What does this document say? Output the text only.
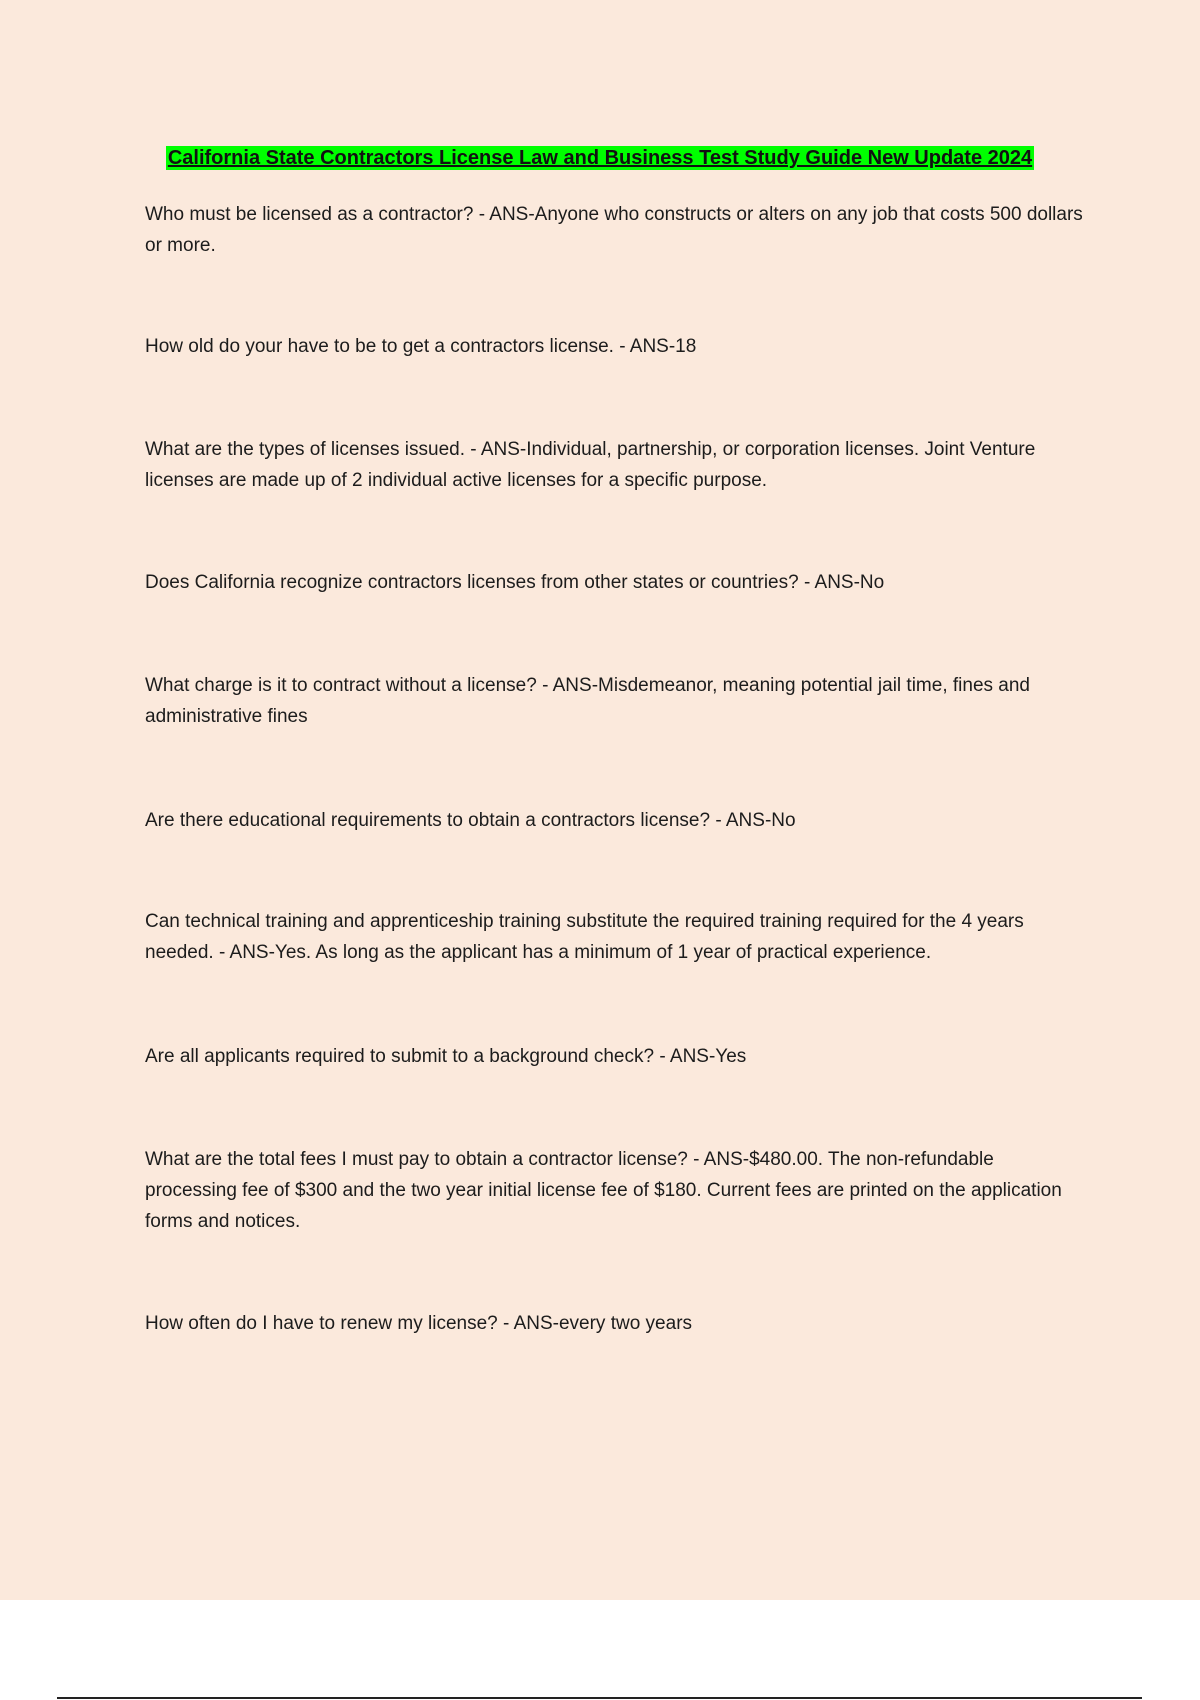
California State Contractors License Law and Business Test Study Guide New Update 2024

Who must be licensed as a contractor? - ANS-Anyone who constructs or alters on any job that costs 500 dollars or more.

How old do your have to be to get a contractors license. - ANS-18

What are the types of licenses issued. - ANS-Individual, partnership, or corporation licenses. Joint Venture licenses are made up of 2 individual active licenses for a specific purpose.

Does California recognize contractors licenses from other states or countries? - ANS-No

What charge is it to contract without a license? - ANS-Misdemeanor, meaning potential jail time, fines and administrative fines

Are there educational requirements to obtain a contractors license? - ANS-No

Can technical training and apprenticeship training substitute the required training required for the 4 years needed. - ANS-Yes. As long as the applicant has a minimum of 1 year of practical experience.

Are all applicants required to submit to a background check? - ANS-Yes

What are the total fees I must pay to obtain a contractor license? - ANS-$480.00. The non-refundable processing fee of $300 and the two year initial license fee of $180. Current fees are printed on the application forms and notices.

How often do I have to renew my license? - ANS-every two years
